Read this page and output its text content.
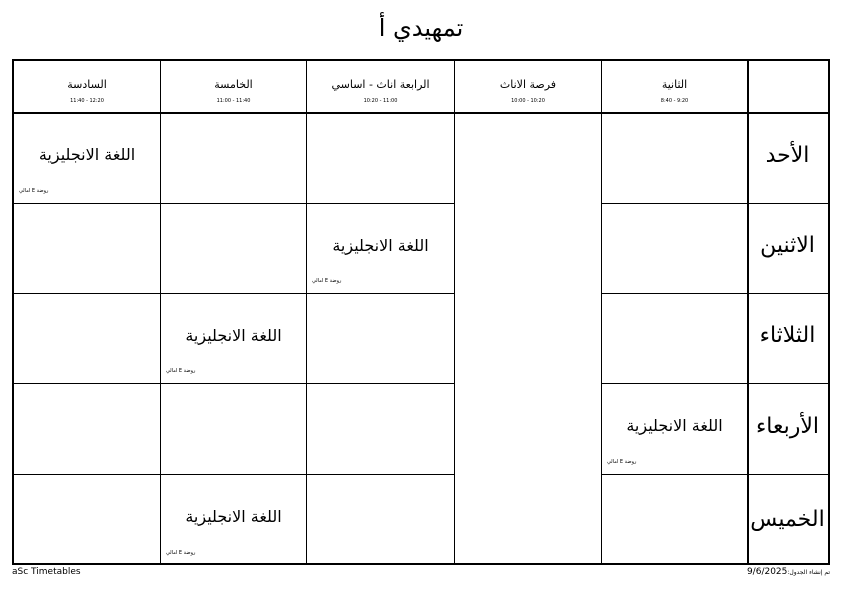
تمهيدي أ
الثانية
8:40 - 9:20
فرصة الاناث
10:00 - 10:20
الرابعة اناث - اساسي
10:20 - 11:00
الخامسة
11:00 - 11:40
السادسة
11:40 - 12:20
الأحد
الاثنين
الثلاثاء
الأربعاء
الخميس
اللغة الانجليزية
روضة E امالي
اللغة الانجليزية
روضة E امالي
اللغة الانجليزية
روضة E امالي
اللغة الانجليزية
روضة E امالي
اللغة الانجليزية
روضة E امالي
aSc Timetables	تم إنشاء الجدول:9/6/2025
